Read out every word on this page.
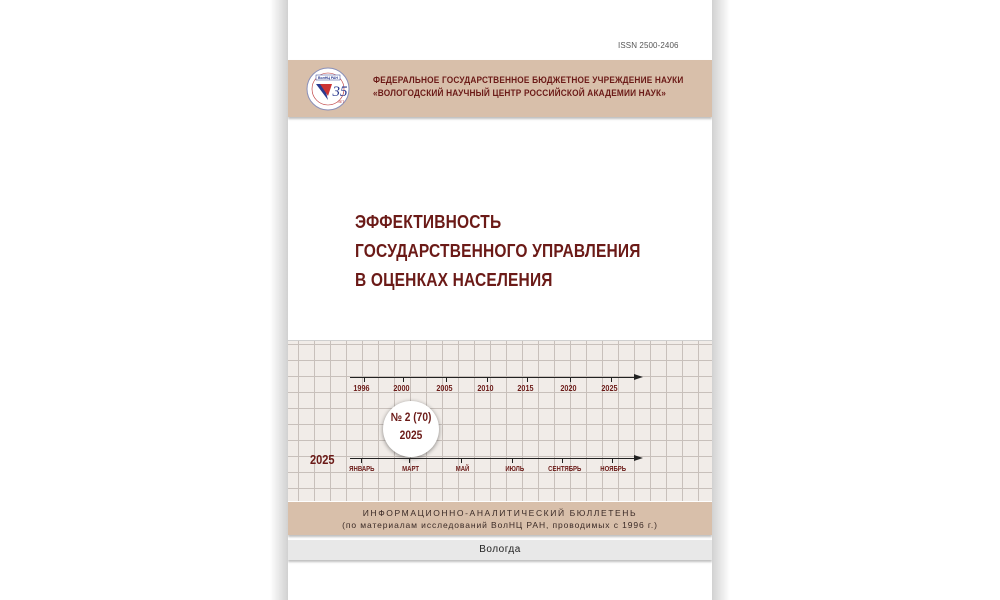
ISSN 2500-2406
ВолНЦ РАН
35
ЛЕТ
ФЕДЕРАЛЬНОЕ ГОСУДАРСТВЕННОЕ БЮДЖЕТНОЕ УЧРЕЖДЕНИЕ НАУКИ
«ВОЛОГОДСКИЙ НАУЧНЫЙ ЦЕНТР РОССИЙСКОЙ АКАДЕМИИ НАУК»
ЭФФЕКТИВНОСТЬ
ГОСУДАРСТВЕННОГО УПРАВЛЕНИЯ
В ОЦЕНКАХ НАСЕЛЕНИЯ
1996	2000	2005	2010	2015	2020	2025
№ 2 (70)
2025
2025
ЯНВАРЬ	МАРТ	МАЙ	ИЮЛЬ	СЕНТЯБРЬ	НОЯБРЬ
ИНФОРМАЦИОННО-АНАЛИТИЧЕСКИЙ БЮЛЛЕТЕНЬ
(по материалам исследований ВолНЦ РАН, проводимых с 1996 г.)
Вологда
